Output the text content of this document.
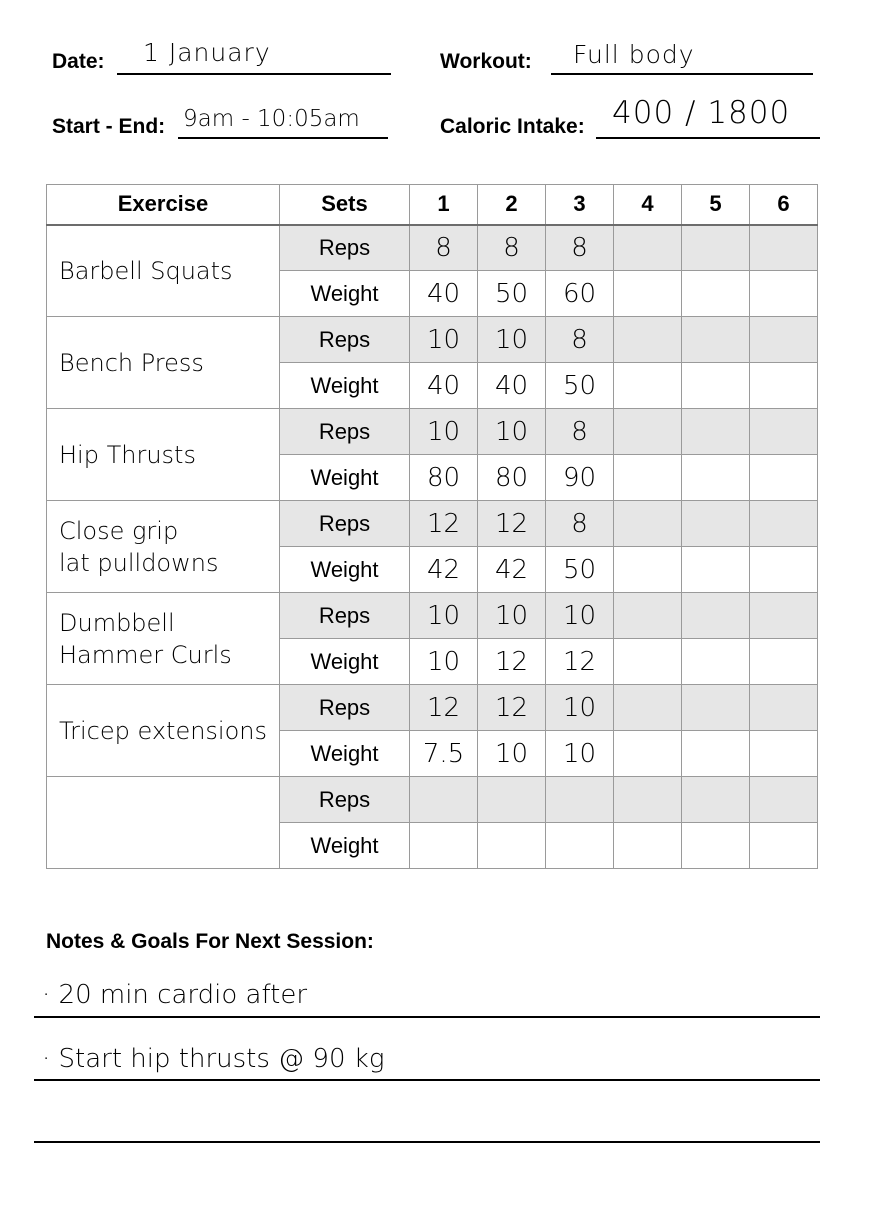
Date: 1 January	Workout: Full body
Start - End: 9am - 10:05am	Caloric Intake: 400 / 1800
Exercise	Sets	1	2	3	4	5	6

Barbell Squats	Reps	8	8	8			
	Weight	40	50	60			

Bench Press	Reps	10	10	8			
	Weight	40	40	50			

Hip Thrusts	Reps	10	10	8			
	Weight	80	80	90			

Close grip
lat pulldowns	Reps	12	12	8			
	Weight	42	42	50			

Dumbbell
Hammer Curls	Reps	10	10	10			
	Weight	10	12	12			

Tricep extensions	Reps	12	12	10			
	Weight	7.5	10	10			

	Reps						
	Weight						
Notes & Goals For Next Session:
· 20 min cardio after
· Start hip thrusts @ 90 kg
